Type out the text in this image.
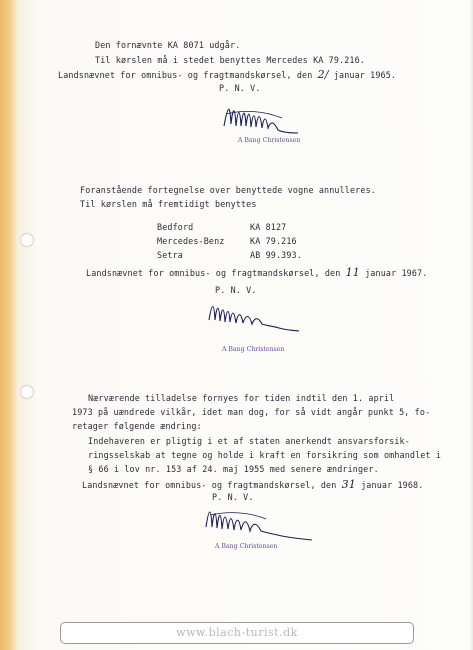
Den fornævnte KA 8071 udgår.
Til kørslen må i stedet benyttes Mercedes KA 79.216.
Landsnævnet for omnibus- og fragtmandskørsel, den 2/ januar 1965.
P. N. V.
A Bang Christensen
Foranstående fortegnelse over benyttede vogne annulleres.
Til kørslen må fremtidigt benyttes
Bedford	KA 8127
Mercedes-Benz	KA 79.216
Setra	AB 99.393.
Landsnævnet for omnibus- og fragtmandskørsel, den 11 januar 1967.
P. N. V.
A Bang Christensen
Nærværende tilladelse fornyes for tiden indtil den 1. april
1973 på uændrede vilkår, idet man dog, for så vidt angår punkt 5, fo-
retager følgende ændring:
Indehaveren er pligtig i et af staten anerkendt ansvarsforsik-
ringsselskab at tegne og holde i kraft en forsikring som omhandlet i
§ 66 i lov nr. 153 af 24. maj 1955 med senere ændringer.
Landsnævnet for omnibus- og fragtmandskørsel, den 31 januar 1968.
P. N. V.
A Bang Christensen
www.blach-turist.dk
